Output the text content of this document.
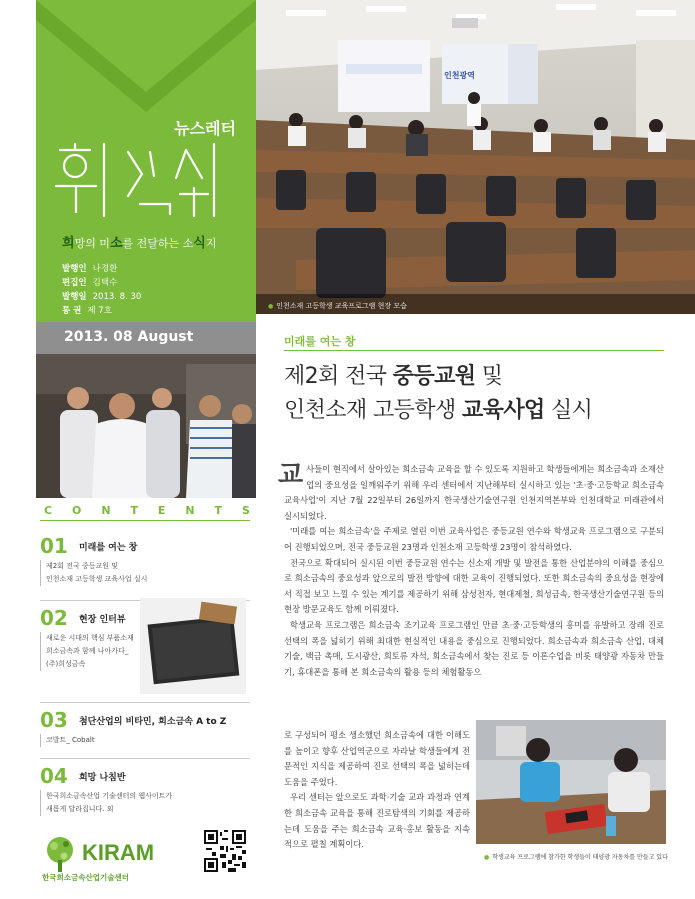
뉴스레터
희소식
희망의 미소를 전달하는 소식지
발행인 나경환
편집인 김택수
발행일 2013. 8. 30
통 권 제 7호
2013. 08 August
C O N T E N T S
01 미래를 여는 창
제2회 전국 중등교원 및
인천소재 고등학생 교육사업 실시
02 현장 인터뷰
새로운 시대의 핵심 부품소재
희소금속과 함께 나아가다_
(주)희성금속
03 첨단산업의 비타민, 희소금속 A to Z
코발트_ Cobalt
04 희망 나침반
한국희소금속산업 기술센터의 웹사이트가
새롭게 달라집니다. 외
KIRAM
한국희소금속산업기술센터
인천광역
● 인천소재 고등학생 교육프로그램 현장 모습
미래를 여는 창
제2회 전국 중등교원 및
인천소재 고등학생 교육사업 실시

교사들이 현직에서 살아있는 희소금속 교육을 할 수 있도록 지원하고 학생들에게는 희소금속과 소재산업의 중요성을 일깨워주기 위해 우리 센터에서 지난해부터 실시하고 있는 '초·중·고등학교 희소금속 교육사업'이 지난 7월 22일부터 26일까지 한국생산기술연구원 인천지역본부와 인천대학교 미래관에서 실시되었다.

'미래를 여는 희소금속'을 주제로 열린 이번 교육사업은 중등교원 연수와 학생교육 프로그램으로 구분되어 진행되었으며, 전국 중등교원 23명과 인천소재 고등학생 23명이 참석하였다.

전국으로 확대되어 실시된 이번 중등교원 연수는 신소재 개발 및 발전을 통한 산업분야의 이해를 중심으로 희소금속의 중요성과 앞으로의 발전 방향에 대한 교육이 진행되었다. 또한 희소금속의 중요성을 현장에서 직접 보고 느낄 수 있는 계기를 제공하기 위해 삼성전자, 현대제철, 희성금속, 한국생산기술연구원 등의 현장 방문교육도 함께 이뤄졌다.

학생교육 프로그램은 희소금속 조기교육 프로그램인 만큼 초·중·고등학생의 흥미를 유발하고 장래 진로 선택의 폭을 넓히기 위해 최대한 현실적인 내용을 중심으로 진행되었다. 희소금속과 희소금속 산업, 대체 기술, 백금 촉매, 도시광산, 희토류 자석, 희소금속에서 찾는 진로 등 이론수업을 비롯 태양광 자동차 만들기, 휴대폰을 통해 본 희소금속의 활용 등의 체험활동으

로 구성되어 평소 생소했던 희소금속에 대한 이해도를 높이고 향후 산업역군으로 자라날 학생들에게 전문적인 지식을 제공하여 진로 선택의 폭을 넓히는데 도움을 주었다.

우리 센터는 앞으로도 과학·기술 교과 과정과 연계한 희소금속 교육을 통해 진로탐색의 기회를 제공하는데 도움을 주는 희소금속 교육·홍보 활동을 지속적으로 펼칠 계획이다.

● 학생교육 프로그램에 참가한 학생들이 태양광 자동차를 만들고 있다
